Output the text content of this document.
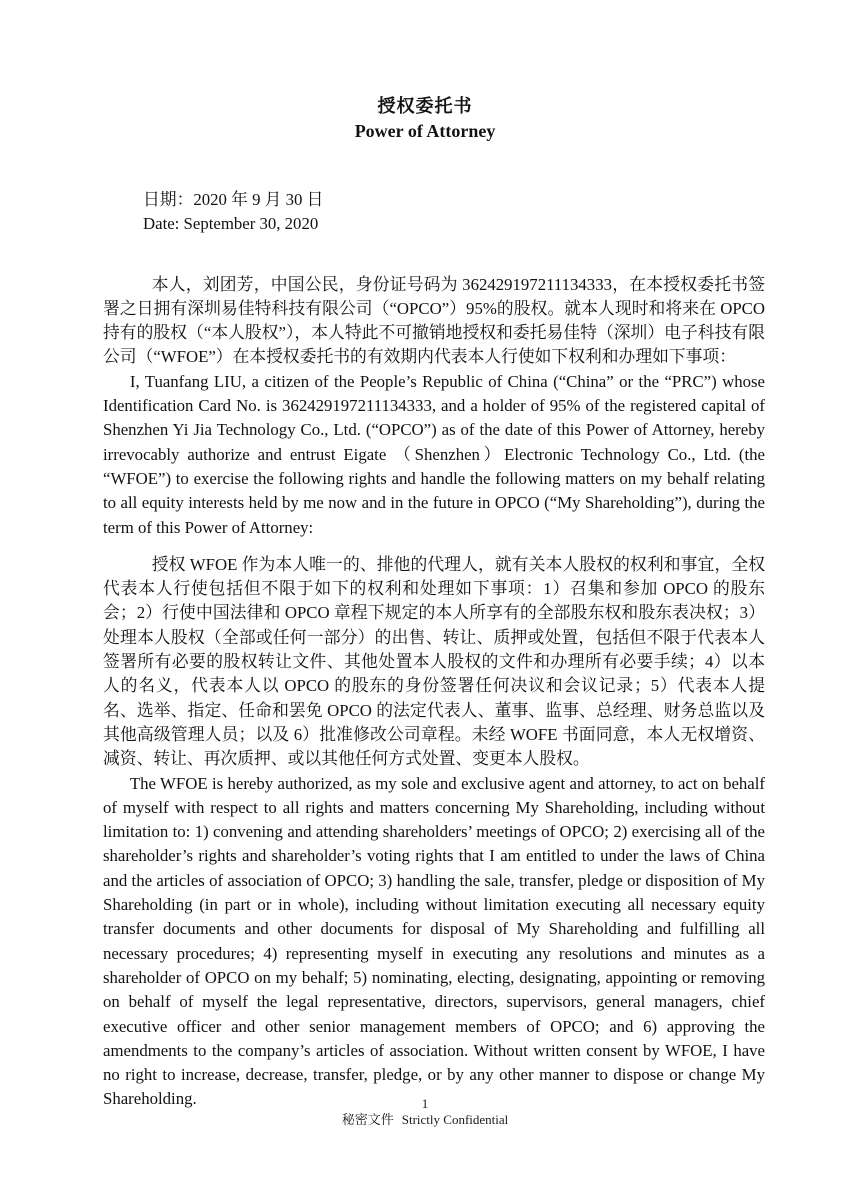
授权委托书
Power of Attorney

日期：2020 年 9 月 30 日

Date: September 30, 2020

本人，刘团芳，中国公民，身份证号码为 362429197211134333，在本授权委托书签署之日拥有深圳易佳特科技有限公司（“OPCO”）95%的股权。就本人现时和将来在 OPCO 持有的股权（“本人股权”），本人特此不可撤销地授权和委托易佳特（深圳）电子科技有限公司（“WFOE”）在本授权委托书的有效期内代表本人行使如下权利和办理如下事项：

I, Tuanfang LIU, a citizen of the People’s Republic of China (“China” or the “PRC”) whose Identification Card No. is 362429197211134333, and a holder of 95% of the registered capital of Shenzhen Yi Jia Technology Co., Ltd. (“OPCO”) as of the date of this Power of Attorney, hereby irrevocably authorize and entrust Eigate （Shenzhen）Electronic Technology Co., Ltd. (the “WFOE”) to exercise the following rights and handle the following matters on my behalf relating to all equity interests held by me now and in the future in OPCO (“My Shareholding”), during the term of this Power of Attorney:

授权 WFOE 作为本人唯一的、排他的代理人，就有关本人股权的权利和事宜，全权代表本人行使包括但不限于如下的权利和处理如下事项：1）召集和参加 OPCO 的股东会；2）行使中国法律和 OPCO 章程下规定的本人所享有的全部股东权和股东表决权；3）处理本人股权（全部或任何一部分）的出售、转让、质押或处置，包括但不限于代表本人签署所有必要的股权转让文件、其他处置本人股权的文件和办理所有必要手续；4）以本人的名义，代表本人以 OPCO 的股东的身份签署任何决议和会议记录；5）代表本人提名、选举、指定、任命和罢免 OPCO 的法定代表人、董事、监事、总经理、财务总监以及其他高级管理人员；以及 6）批准修改公司章程。未经 WOFE 书面同意，本人无权增资、减资、转让、再次质押、或以其他任何方式处置、变更本人股权。

The WFOE is hereby authorized, as my sole and exclusive agent and attorney, to act on behalf of myself with respect to all rights and matters concerning My Shareholding, including without limitation to: 1) convening and attending shareholders’ meetings of OPCO; 2) exercising all of the shareholder’s rights and shareholder’s voting rights that I am entitled to under the laws of China and the articles of association of OPCO; 3) handling the sale, transfer, pledge or disposition of My Shareholding (in part or in whole), including without limitation executing all necessary equity transfer documents and other documents for disposal of My Shareholding and fulfilling all necessary procedures; 4) representing myself in executing any resolutions and minutes as a shareholder of OPCO on my behalf; 5) nominating, electing, designating, appointing or removing on behalf of myself the legal representative, directors, supervisors, general managers, chief executive officer and other senior management members of OPCO; and 6) approving the amendments to the company’s articles of association. Without written consent by WFOE, I have no right to increase, decrease, transfer, pledge, or by any other manner to dispose or change My Shareholding.	1
秘密文件 Strictly Confidential
